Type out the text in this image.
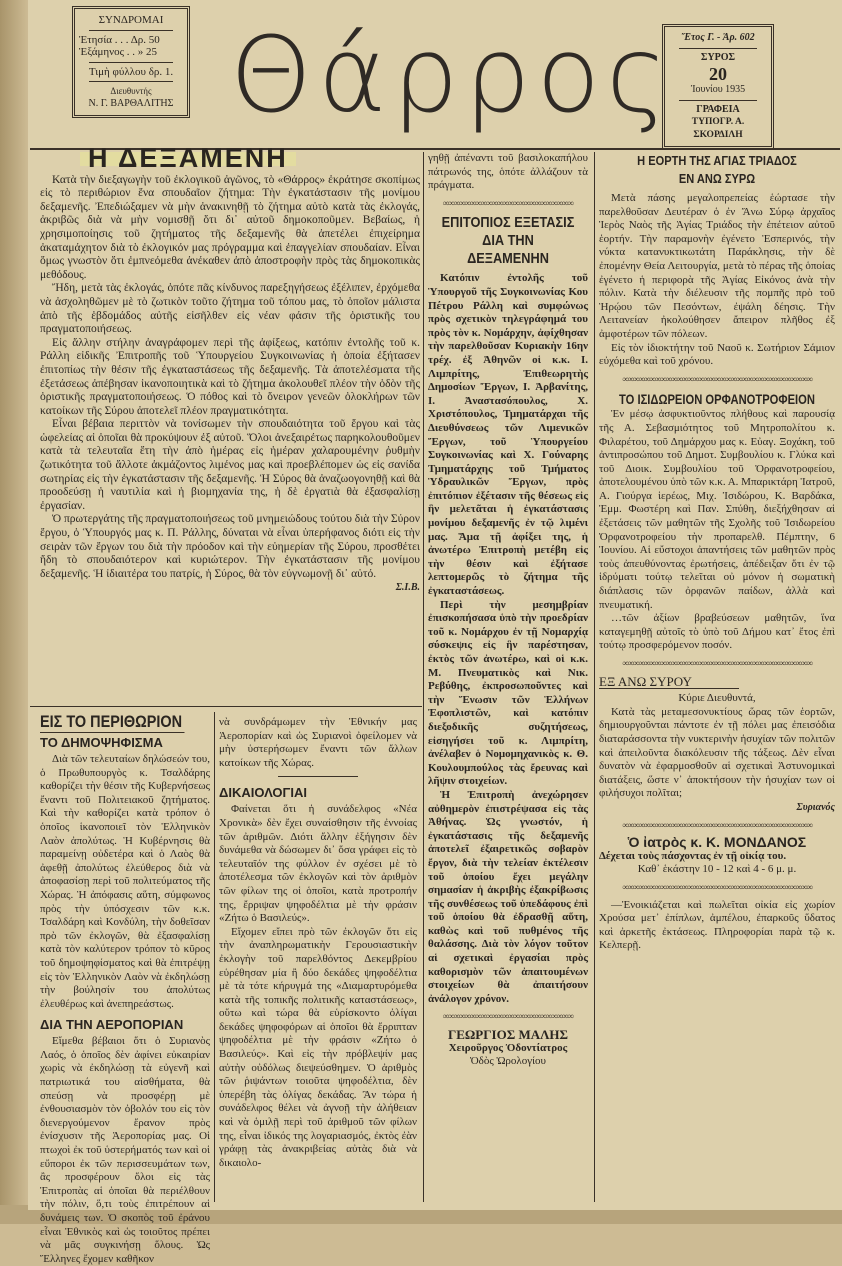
ΣΥΝΔΡΟΜΑΙ
Ἐτησία . . . Δρ. 50
Ἑξάμηνος . . » 25
Τιμὴ φύλλου δρ. 1.
Διευθυντής
Ν. Γ. ΒΑΡΘΑΛΙΤΗΣ Θάρρος Ἔτος Γ. - Ἀρ. 602
ΣΥΡΟΣ
20
Ἰουνίου 1935
ΓΡΑΦΕΙΑ
ΤΥΠΟΓΡ. Α. ΣΚΟΡΔΙΛΗ
Η ΔΕΞΑΜΕΝΗ

Κατὰ τὴν διεξαγωγὴν τοῦ ἐκλογικοῦ ἀγῶνος, τὸ «Θάρρος» ἐκράτησε σκοπίμως εἰς τὸ περιθώριον ἕνα σπουδαῖον ζήτημα: Τὴν ἐγκατάστασιν τῆς μονίμου δεξαμενῆς. Ἐπεδιώξαμεν νὰ μὴν ἀνακινηθῇ τὸ ζήτημα αὐτὸ κατὰ τὰς ἐκλογάς, ἀκριβῶς διὰ νὰ μὴν νομισθῇ ὅτι δι᾽ αὐτοῦ δημοκοποῦμεν. Βεβαίως, ἡ χρησιμοποίησις τοῦ ζητήματος τῆς δεξαμενῆς θὰ ἀπετέλει ἐπιχείρημα ἀκαταμάχητον διὰ τὸ ἐκλογικόν μας πρόγραμμα καὶ ἐπαγγελίαν σπουδαίαν. Εἶναι ὅμως γνωστὸν ὅτι ἐμπνεόμεθα ἀνέκαθεν ἀπὸ ἀποστροφὴν πρὸς τὰς δημοκοπικὰς μεθόδους.

Ἤδη, μετὰ τὰς ἐκλογάς, ὁπότε πᾶς κίνδυνος παρεξηγήσεως ἐξέλιπεν, ἐρχόμεθα νὰ ἀσχοληθῶμεν μὲ τὸ ζωτικὸν τοῦτο ζήτημα τοῦ τόπου μας, τὸ ὁποῖον μάλιστα ἀπὸ τῆς ἑβδομάδος αὐτῆς εἰσῆλθεν εἰς νέαν φάσιν τῆς ὁριστικῆς του πραγματοποιήσεως.

Εἰς ἄλλην στήλην ἀναγράφομεν περὶ τῆς ἀφίξεως, κατόπιν ἐντολῆς τοῦ κ. Ράλλη εἰδικῆς Ἐπιτροπῆς τοῦ Ὑπουργείου Συγκοινωνίας ἡ ὁποία ἐξήτασεν ἐπιτοπίως τὴν θέσιν τῆς ἐγκαταστάσεως τῆς δεξαμενῆς. Τὰ ἀποτελέσματα τῆς ἐξετάσεως ἀπέβησαν ἱκανοποιητικὰ καὶ τὸ ζήτημα ἀκολουθεῖ πλέον τὴν ὁδὸν τῆς ὁριστικῆς πραγματοποιήσεως. Ὁ πόθος καὶ τὸ ὄνειρον γενεῶν ὁλοκλήρων τῶν κατοίκων τῆς Σύρου ἀποτελεῖ πλέον πραγματικότητα.

Εἶναι βέβαια περιττὸν νὰ τονίσωμεν τὴν σπουδαιότητα τοῦ ἔργου καὶ τὰς ὠφελείας αἱ ὁποῖαι θὰ προκύψουν ἐξ αὐτοῦ. Ὅλοι ἀνεξαιρέτως παρηκολουθοῦμεν κατὰ τὰ τελευταῖα ἔτη τὴν ἀπὸ ἡμέρας εἰς ἡμέραν χαλαρουμένην ῥυθμὴν ζωτικότητα τοῦ ἄλλοτε ἀκμάζοντος λιμένος μας καὶ προεβλέπομεν ὡς εἰς σανίδα σωτηρίας εἰς τὴν ἐγκατάστασιν τῆς δεξαμενῆς. Ἡ Σύρος θὰ ἀναζωογονηθῇ καὶ θὰ προοδεύσῃ ἡ ναυτιλία καὶ ἡ βιομηχανία της, ἡ δὲ ἐργατιὰ θὰ ἐξασφαλίσῃ ἐργασίαν.

Ὁ πρωτεργάτης τῆς πραγματοποιήσεως τοῦ μνημειώδους τούτου διὰ τὴν Σύρον ἔργου, ὁ Ὑπουργός μας κ. Π. Ράλλης, δύναται νὰ εἶναι ὑπερήφανος διότι εἰς τὴν σειρὰν τῶν ἔργων του διὰ τὴν πρόοδον καὶ τὴν εὐημερίαν τῆς Σύρου, προσθέτει ἤδη τὸ σπουδαιότερον καὶ κυριώτερον. Τὴν ἐγκατάστασιν τῆς μονίμου δεξαμενῆς. Ἡ ἰδιαιτέρα του πατρίς, ἡ Σύρος, θὰ τὸν εὐγνωμονῇ δι᾽ αὐτό.

Σ.Ι.Β.
γηθῇ ἀπέναντι τοῦ βασιλοκαπήλου πάτρωνός της, ὁπότε ἀλλάζουν τὰ πράγματα.
∞∞∞∞∞∞∞∞∞∞∞∞∞∞∞∞∞∞∞∞∞∞∞∞
ΕΠΙΤΟΠΙΟΣ ΕΞΕΤΑΣΙΣ
ΔΙΑ ΤΗΝ ΔΕΞΑΜΕΝΗΝ

Κατόπιν ἐντολῆς τοῦ Ὑπουργοῦ τῆς Συγκοινωνίας Κου Πέτρου Ράλλη καὶ συμφώνως πρὸς σχετικὸν τηλεγράφημά του πρὸς τὸν κ. Νομάρχην, ἀφίχθησαν τὴν παρελθοῦσαν Κυριακὴν 16ην τρέχ. ἐξ Ἀθηνῶν οἱ κ.κ. Ι. Λιμπρίτης, Ἐπιθεωρητὴς Δημοσίων Ἔργων, Ι. Ἀρβανίτης, Ι. Ἀναστασόπουλος, Χ. Χριστόπουλος, Τμηματάρχαι τῆς Διευθύνσεως τῶν Λιμενικῶν Ἔργων, τοῦ Ὑπουργείου Συγκοινωνίας καὶ Χ. Γούναρης Τμηματάρχης τοῦ Τμήματος Ὑδραυλικῶν Ἔργων, πρὸς ἐπιτόπιον ἐξέτασιν τῆς θέσεως εἰς ἣν μελετᾶται ἡ ἐγκατάστασις μονίμου δεξαμενῆς ἐν τῷ λιμένι μας. Ἅμα τῇ ἀφίξει της, ἡ ἀνωτέρω Ἐπιτροπὴ μετέβη εἰς τὴν θέσιν καὶ ἐξήτασε λεπτομερῶς τὸ ζήτημα τῆς ἐγκαταστάσεως.

Περὶ τὴν μεσημβρίαν ἐπισκοπήσασα ὑπὸ τὴν προεδρίαν τοῦ κ. Νομάρχου ἐν τῇ Νομαρχίᾳ σύσκεψις εἰς ἣν παρέστησαν, ἐκτὸς τῶν ἀνωτέρω, καὶ οἱ κ.κ. Μ. Πνευματικὸς καὶ Νικ. Ρεβύθης, ἐκπροσωποῦντες καὶ τὴν Ἕνωσιν τῶν Ἑλλήνων Ἐφοπλιστῶν, καὶ κατόπιν διεξοδικῆς συζητήσεως, εἰσηγήσει τοῦ κ. Λιμπρίτη, ἀνέλαβεν ὁ Νομομηχανικὸς κ. Θ. Κουλουμπούλος τὰς ἔρευνας καὶ λῆψιν στοιχείων.

Ἡ Ἐπιτροπὴ ἀνεχώρησεν αὐθημερὸν ἐπιστρέψασα εἰς τὰς Ἀθήνας. Ὡς γνωστόν, ἡ ἐγκατάστασις τῆς δεξαμενῆς ἀποτελεῖ ἐξαιρετικῶς σοβαρὸν ἔργον, διὰ τὴν τελείαν ἐκτέλεσιν τοῦ ὁποίου ἔχει μεγάλην σημασίαν ἡ ἀκριβὴς ἐξακρίβωσις τῆς συνθέσεως τοῦ ὑπεδάφους ἐπὶ τοῦ ὁποίου θὰ ἐδρασθῇ αὕτη, καθὼς καὶ τοῦ πυθμένος τῆς θαλάσσης. Διὰ τὸν λόγον τοῦτον αἱ σχετικαὶ ἐργασίαι πρὸς καθορισμὸν τῶν ἀπαιτουμένων στοιχείων θὰ ἀπαιτήσουν ἀνάλογον χρόνον.

∞∞∞∞∞∞∞∞∞∞∞∞∞∞∞∞∞∞∞∞∞∞∞∞
ΓΕΩΡΓΙΟΣ ΜΑΛΗΣ
Χειροῦργος Ὀδοντίατρος
Ὁδὸς Ὡρολογίου
Η ΕΟΡΤΗ ΤΗΣ ΑΓΙΑΣ ΤΡΙΑΔΟΣ
ΕΝ ΑΝΩ ΣΥΡΩ

Μετὰ πάσης μεγαλοπρεπείας ἑώρτασε τὴν παρελθοῦσαν Δευτέραν ὁ ἐν Ἄνω Σύρῳ ἀρχαῖος Ἱερὸς Ναὸς τῆς Ἁγίας Τριάδος τὴν ἐπέτειον αὐτοῦ ἑορτήν. Τὴν παραμονὴν ἐγένετο Ἑσπερινός, τὴν νύκτα κατανυκτικωτάτη Παράκλησις, τὴν δὲ ἐπομένην Θεία Λειτουργία, μετὰ τὸ πέρας τῆς ὁποίας ἐγένετο ἡ περιφορὰ τῆς Ἁγίας Εἰκόνος ἀνὰ τὴν πόλιν. Κατὰ τὴν διέλευσιν τῆς πομπῆς πρὸ τοῦ Ἡρῴου τῶν Πεσόντων, ἐψάλη δέησις. Τὴν Λειτανείαν ἠκολούθησεν ἄπειρον πλῆθος ἐξ ἀμφοτέρων τῶν πόλεων.

Εἰς τὸν ἰδιοκτήτην τοῦ Ναοῦ κ. Σωτήριον Σάμιον εὐχόμεθα καὶ τοῦ χρόνου.

∞∞∞∞∞∞∞∞∞∞∞∞∞∞∞∞∞∞∞∞∞∞∞∞∞∞∞∞∞∞∞∞∞∞∞
ΤΟ ΙΣΙΔΩΡΕΙΟΝ ΟΡΦΑΝΟΤΡΟΦΕΙΟΝ

Ἐν μέσῳ ἀσφυκτιοῦντος πλήθους καὶ παρουσίᾳ τῆς Α. Σεβασμιότητος τοῦ Μητροπολίτου κ. Φιλαρέτου, τοῦ Δημάρχου μας κ. Εὐαγ. Ξοχάκη, τοῦ ἀντιπροσώπου τοῦ Δημοτ. Συμβουλίου κ. Γλύκα καὶ τοῦ Διοικ. Συμβουλίου τοῦ Ὀρφανοτροφείου, ἀποτελουμένου ὑπὸ τῶν κ.κ. Α. Μπαρικτάρη Ἰατροῦ, Α. Γιούργα ἱερέως, Μιχ. Ἰσιδώρου, Κ. Βαρδάκα, Ἐμμ. Φωστέρη καὶ Παν. Σπύθη, διεξήχθησαν αἱ ἐξετάσεις τῶν μαθητῶν τῆς Σχολῆς τοῦ Ἰσιδωρείου Ὀρφανοτροφείου τὴν προπαρελθ. Πέμπτην, 6 Ἰουνίου. Αἱ εὔστοχοι ἀπαντήσεις τῶν μαθητῶν πρὸς τοὺς ἀπευθύνοντας ἐρωτήσεις, ἀπέδειξαν ὅτι ἐν τῷ ἱδρύματι τούτῳ τελεῖται οὐ μόνον ἡ σωματικὴ διάπλασις τῶν ὀρφανῶν παίδων, ἀλλὰ καὶ πνευματική.

…τῶν ἀξίων βραβεύσεων μαθητῶν, ἵνα καταγεμηθῇ αὐτοῖς τὸ ὑπὸ τοῦ Δήμου κατ᾽ ἔτος ἐπὶ τούτῳ προσφερόμενον ποσόν.

∞∞∞∞∞∞∞∞∞∞∞∞∞∞∞∞∞∞∞∞∞∞∞∞∞∞∞∞∞∞∞∞∞∞∞
ΕΞ ΑΝΩ ΣΥΡΟΥ
Κύριε Διευθυντά,

Κατὰ τὰς μεταμεσονυκτίους ὥρας τῶν ἑορτῶν, δημιουργοῦνται πάντοτε ἐν τῇ πόλει μας ἐπεισόδια διαταράσσοντα τὴν νυκτερινὴν ἡσυχίαν τῶν πολιτῶν καὶ ἀπειλοῦντα διακόλευσιν τῆς τάξεως. Δὲν εἶναι δυνατὸν νὰ ἐφαρμοσθοῦν αἱ σχετικαὶ Ἀστυνομικαὶ διατάξεις, ὥστε ν᾽ ἀποκτήσουν τὴν ἡσυχίαν των οἱ φιλήσυχοι πολῖται;

Συριανός
∞∞∞∞∞∞∞∞∞∞∞∞∞∞∞∞∞∞∞∞∞∞∞∞∞∞∞∞∞∞∞∞∞∞∞
Ὁ ἰατρὸς κ. Κ. ΜΟΝΔΑΝΟΣ
Δέχεται τοὺς πάσχοντας ἐν τῇ οἰκίᾳ του.
Καθ᾽ ἑκάστην 10 - 12 καὶ 4 - 6 μ. μ.
∞∞∞∞∞∞∞∞∞∞∞∞∞∞∞∞∞∞∞∞∞∞∞∞∞∞∞∞∞∞∞∞∞∞∞

—Ἐνοικιάζεται καὶ πωλεῖται οἰκία εἰς χωρίον Χρούσα μετ᾽ ἐπίπλων, ἀμπέλου, ἐπαρκοῦς ὕδατος καὶ ἀρκετῆς ἐκτάσεως. Πληροφορίαι παρὰ τῷ κ. Κελπερῇ.

ΕΙΣ ΤΟ ΠΕΡΙΘΩΡΙΟΝ
ΤΟ ΔΗΜΟΨΗΦΙΣΜΑ

Διὰ τῶν τελευταίων δηλώσεών του, ὁ Πρωθυπουργὸς κ. Τσαλδάρης καθορίζει τὴν θέσιν τῆς Κυβερνήσεως ἔναντι τοῦ Πολιτειακοῦ ζητήματος. Καὶ τὴν καθορίζει κατὰ τρόπον ὁ ὁποῖος ἱκανοποιεῖ τὸν Ἑλληνικὸν Λαὸν ἀπολύτως. Ἡ Κυβέρνησις θὰ παραμείνῃ οὐδετέρα καὶ ὁ Λαὸς θὰ ἀφεθῇ ἀπολύτως ἐλεύθερος διὰ νὰ ἀποφασίσῃ περὶ τοῦ πολιτεύματος τῆς Χώρας. Ἡ ἀπόφασις αὕτη, σύμφωνος πρὸς τὴν ὑπόσχεσιν τῶν κ.κ. Τσαλδάρη καὶ Κονδύλη, τὴν δοθεῖσαν πρὸ τῶν ἐκλογῶν, θὰ ἐξασφαλίσῃ κατὰ τὸν καλύτερον τρόπον τὸ κῦρος τοῦ δημοψηφίσματος καὶ θὰ ἐπιτρέψῃ εἰς τὸν Ἑλληνικὸν Λαὸν νὰ ἐκδηλώσῃ τὴν βούλησίν του ἀπολύτως ἐλευθέρως καὶ ἀνεπηρεάστως.

ΔΙΑ ΤΗΝ ΑΕΡΟΠΟΡΙΑΝ

Εἴμεθα βέβαιοι ὅτι ὁ Συριανὸς Λαός, ὁ ὁποῖος δὲν ἀφίνει εὐκαιρίαν χωρὶς νὰ ἐκδηλώσῃ τὰ εὐγενῆ καὶ πατριωτικά του αἰσθήματα, θὰ σπεύσῃ νὰ προσφέρῃ μὲ ἐνθουσιασμὸν τὸν ὀβολόν του εἰς τὸν διενεργούμενον ἔρανον πρὸς ἐνίσχυσιν τῆς Ἀεροπορίας μας. Οἱ πτωχοὶ ἐκ τοῦ ὑστερήματός των καὶ οἱ εὔποροι ἐκ τῶν περισσευμάτων των, ἂς προσφέρουν ὅλοι εἰς τὰς Ἐπιτροπὰς αἱ ὁποῖαι θὰ περιέλθουν τὴν πόλιν, ὅ,τι τοὺς ἐπιτρέπουν αἱ δυνάμεις των. Ὁ σκοπὸς τοῦ ἐράνου εἶναι Ἐθνικὸς καὶ ὡς τοιοῦτος πρέπει νὰ μᾶς συγκινήσῃ ὅλους. Ὡς Ἕλληνες ἔχομεν καθῆκον

νὰ συνδράμωμεν τὴν Ἐθνικήν μας Ἀεροπορίαν καὶ ὡς Συριανοὶ ὀφείλομεν νὰ μὴν ὑστερήσωμεν ἔναντι τῶν ἄλλων κατοίκων τῆς Χώρας.
ΔΙΚΑΙΟΛΟΓΙΑΙ

Φαίνεται ὅτι ἡ συνάδελφος «Νέα Χρονικὰ» δὲν ἔχει συναίσθησιν τῆς ἐννοίας τῶν ἀριθμῶν. Διότι ἄλλην ἐξήγησιν δὲν δυνάμεθα νὰ δώσωμεν δι᾽ ὅσα γράφει εἰς τὸ τελευταῖόν της φύλλον ἐν σχέσει μὲ τὸ ἀποτέλεσμα τῶν ἐκλογῶν καὶ τὸν ἀριθμὸν τῶν φίλων της οἱ ὁποῖοι, κατὰ προτροπήν της, ἔρριψαν ψηφοδέλτια μὲ τὴν φράσιν «Ζήτω ὁ Βασιλεύς».

Εἴχομεν εἴπει πρὸ τῶν ἐκλογῶν ὅτι εἰς τὴν ἀναπληρωματικὴν Γερουσιαστικὴν ἐκλογὴν τοῦ παρελθόντος Δεκεμβρίου εὑρέθησαν μία ἢ δύο δεκάδες ψηφοδέλτια μὲ τὰ τότε κήρυγμά της «Διαμαρτυρόμεθα κατὰ τῆς τοπικῆς πολιτικῆς καταστάσεως», οὕτω καὶ τώρα θὰ εὑρίσκοντο ὀλίγαι δεκάδες ψηφοφόρων αἱ ὁποῖοι θὰ ἔρριπταν ψηφοδέλτια μὲ τὴν φράσιν «Ζήτω ὁ Βασιλεύς». Καὶ εἰς τὴν πρόβλεψίν μας αὐτὴν οὐδόλως διεψεύσθημεν. Ὁ ἀριθμὸς τῶν ῥιψάντων τοιοῦτα ψηφοδέλτια, δὲν ὑπερέβη τὰς ὀλίγας δεκάδας. Ἂν τώρα ἡ συνάδελφος θέλει νὰ ἀγνοῇ τὴν ἀλήθειαν καὶ νὰ ὁμιλῇ περὶ τοῦ ἀριθμοῦ τῶν φίλων της, εἶναι ἰδικός της λογαριασμός, ἐκτὸς ἐὰν γράφῃ τὰς ἀνακριβείας αὐτὰς διὰ νὰ δικαιολο-
